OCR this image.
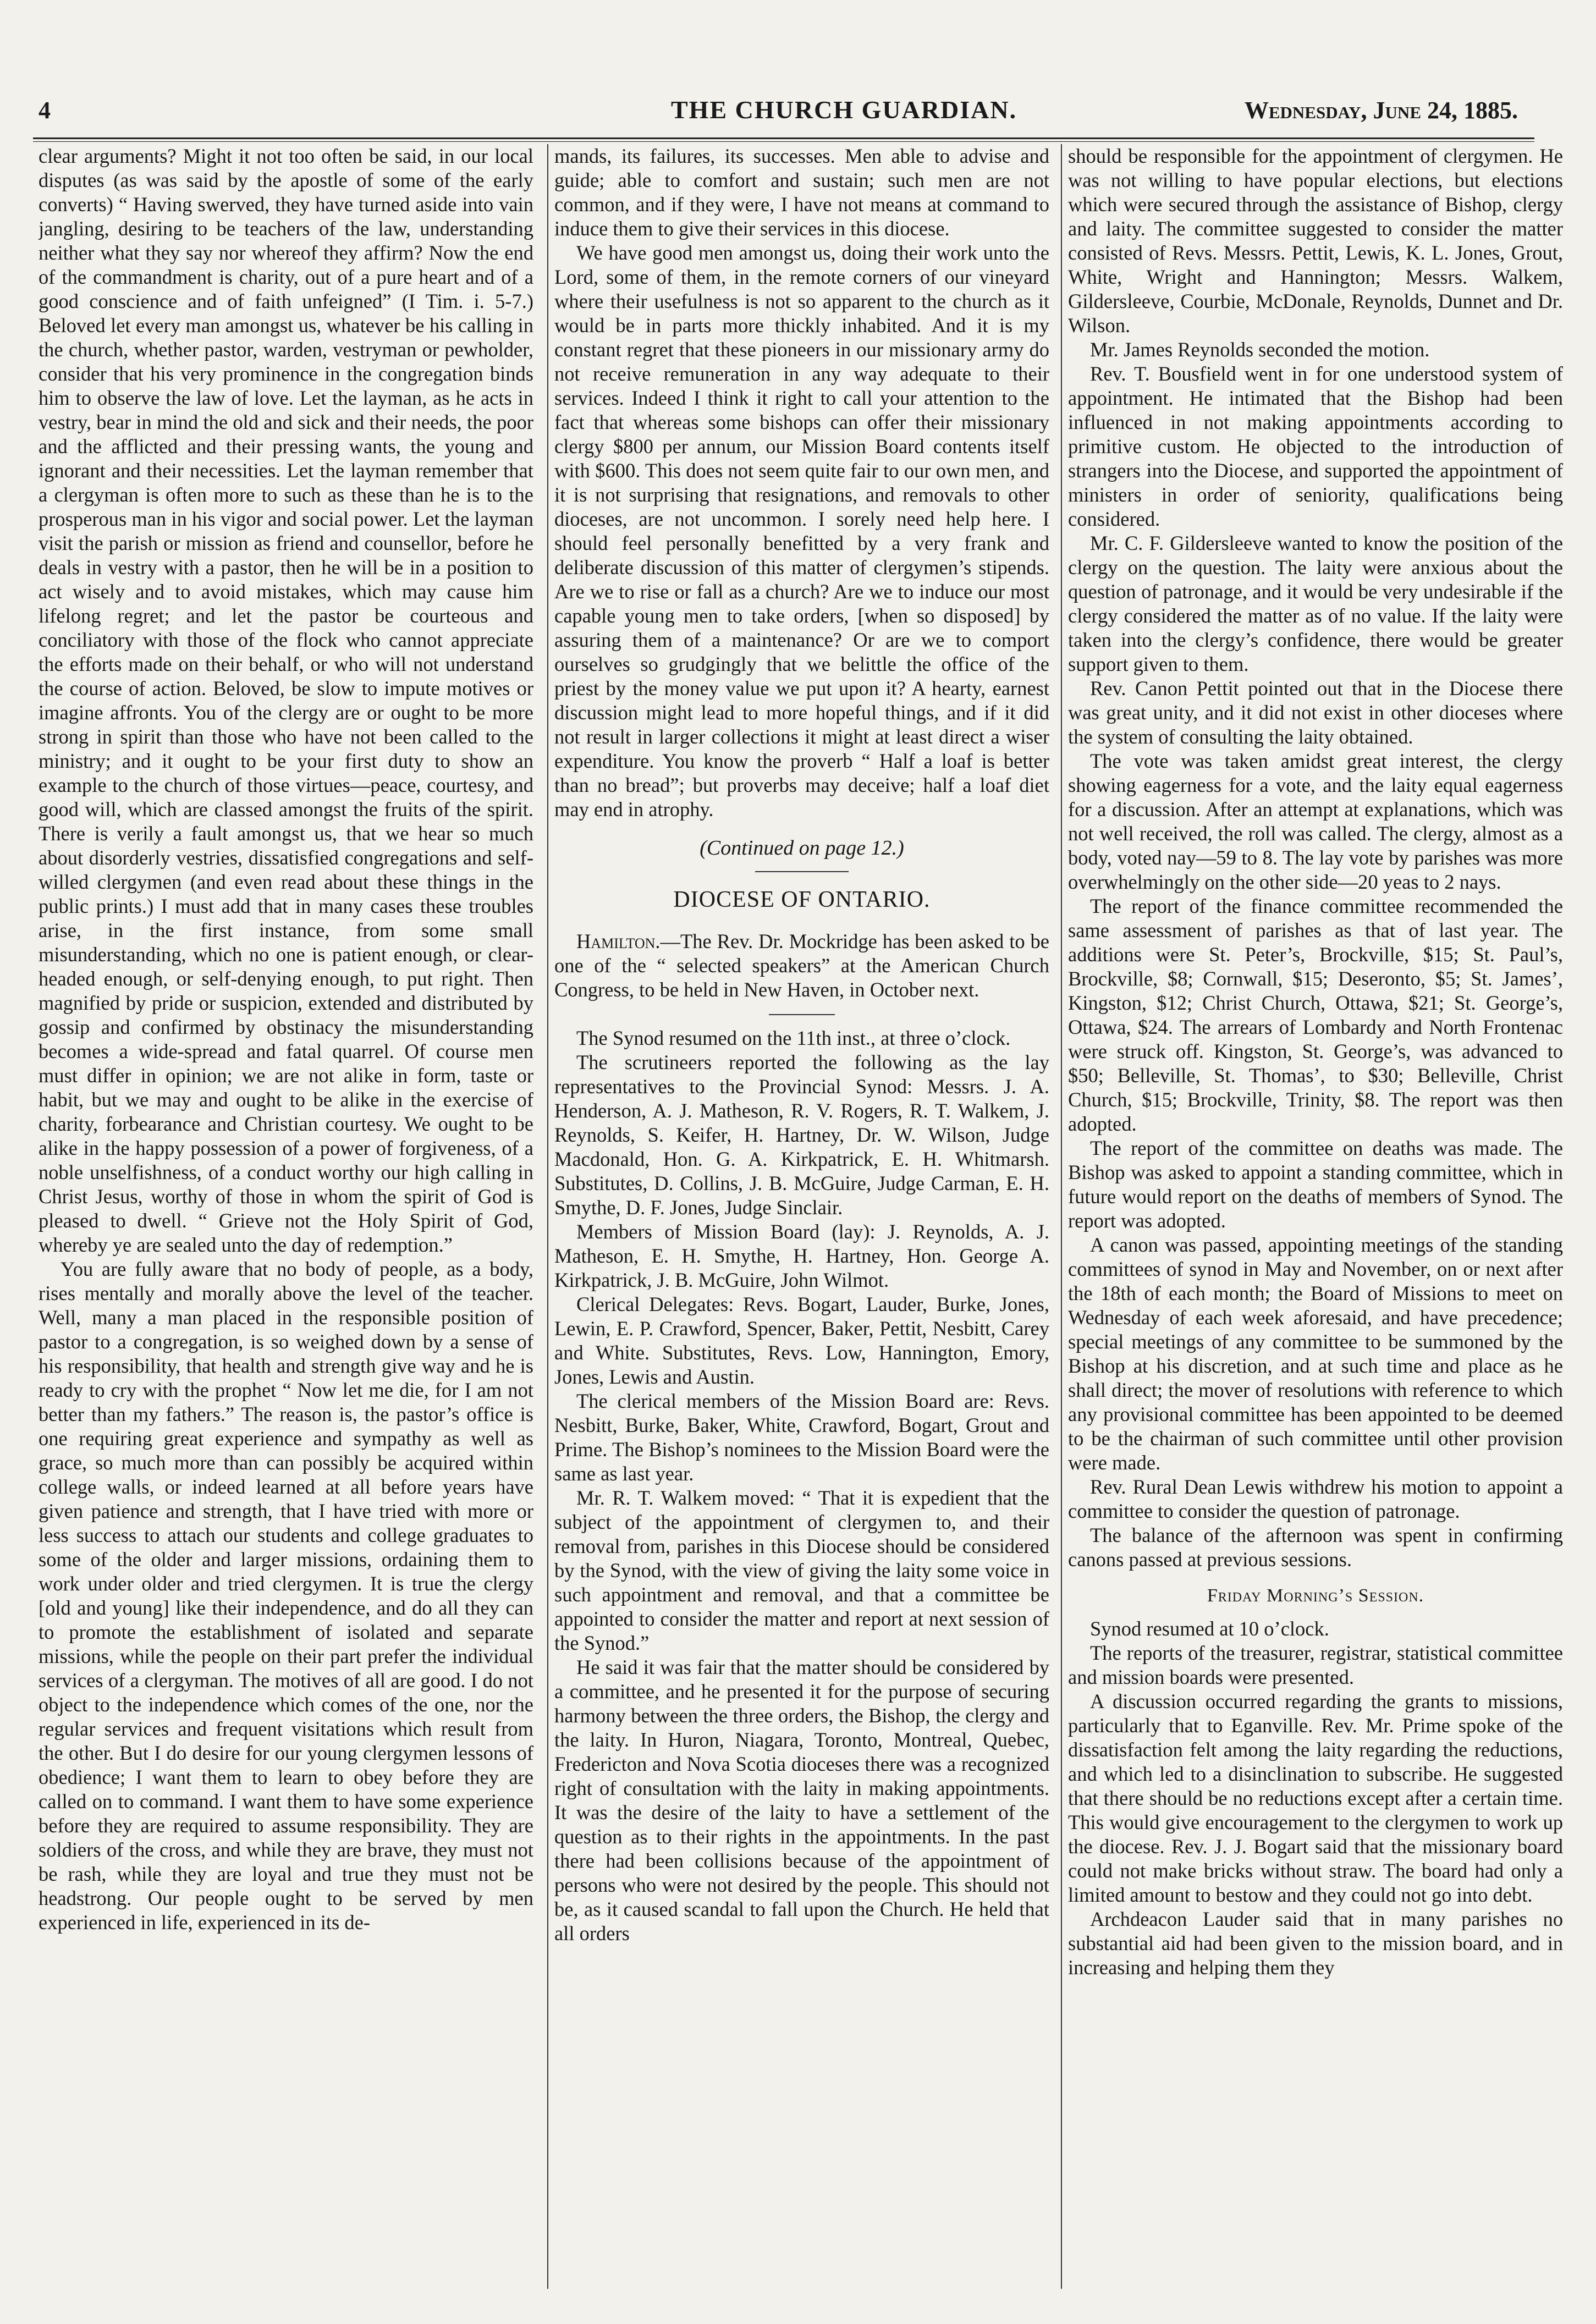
4	THE CHURCH GUARDIAN.	Wednesday, June 24, 1885.

clear arguments? Might it not too often be said, in our local disputes (as was said by the apostle of some of the early converts) “ Having swerved, they have turned aside into vain jangling, desiring to be teachers of the law, understanding neither what they say nor whereof they affirm? Now the end of the commandment is charity, out of a pure heart and of a good conscience and of faith unfeigned” (I Tim. i. 5-7.) Beloved let every man amongst us, whatever be his calling in the church, whether pastor, warden, vestryman or pewholder, consider that his very prominence in the congregation binds him to observe the law of love. Let the layman, as he acts in vestry, bear in mind the old and sick and their needs, the poor and the afflicted and their pressing wants, the young and ignorant and their necessities. Let the layman remember that a clergyman is often more to such as these than he is to the prosperous man in his vigor and social power. Let the layman visit the parish or mission as friend and counsellor, before he deals in vestry with a pastor, then he will be in a position to act wisely and to avoid mistakes, which may cause him lifelong regret; and let the pastor be courteous and conciliatory with those of the flock who cannot appreciate the efforts made on their behalf, or who will not understand the course of action. Beloved, be slow to impute motives or imagine affronts. You of the clergy are or ought to be more strong in spirit than those who have not been called to the ministry; and it ought to be your first duty to show an example to the church of those virtues—peace, courtesy, and good will, which are classed amongst the fruits of the spirit. There is verily a fault amongst us, that we hear so much about disorderly vestries, dissatisfied congregations and self-willed clergymen (and even read about these things in the public prints.) I must add that in many cases these troubles arise, in the first instance, from some small misunderstanding, which no one is patient enough, or clear-headed enough, or self-denying enough, to put right. Then magnified by pride or suspicion, extended and distributed by gossip and confirmed by obstinacy the misunderstanding becomes a wide-spread and fatal quarrel. Of course men must differ in opinion; we are not alike in form, taste or habit, but we may and ought to be alike in the exercise of charity, forbearance and Christian courtesy. We ought to be alike in the happy possession of a power of forgiveness, of a noble unselfishness, of a conduct worthy our high calling in Christ Jesus, worthy of those in whom the spirit of God is pleased to dwell. “ Grieve not the Holy Spirit of God, whereby ye are sealed unto the day of redemption.”

You are fully aware that no body of people, as a body, rises mentally and morally above the level of the teacher. Well, many a man placed in the responsible position of pastor to a congregation, is so weighed down by a sense of his responsibility, that health and strength give way and he is ready to cry with the prophet “ Now let me die, for I am not better than my fathers.” The reason is, the pastor’s office is one requiring great experience and sympathy as well as grace, so much more than can possibly be acquired within college walls, or indeed learned at all before years have given patience and strength, that I have tried with more or less success to attach our students and college graduates to some of the older and larger missions, ordaining them to work under older and tried clergymen. It is true the clergy [old and young] like their independence, and do all they can to promote the establishment of isolated and separate missions, while the people on their part prefer the individual services of a clergyman. The motives of all are good. I do not object to the independence which comes of the one, nor the regular services and frequent visitations which result from the other. But I do desire for our young clergymen lessons of obedience; I want them to learn to obey before they are called on to command. I want them to have some experience before they are required to assume responsibility. They are soldiers of the cross, and while they are brave, they must not be rash, while they are loyal and true they must not be headstrong. Our people ought to be served by men experienced in life, experienced in its de-

mands, its failures, its successes. Men able to advise and guide; able to comfort and sustain; such men are not common, and if they were, I have not means at command to induce them to give their services in this diocese.

We have good men amongst us, doing their work unto the Lord, some of them, in the remote corners of our vineyard where their usefulness is not so apparent to the church as it would be in parts more thickly inhabited. And it is my constant regret that these pioneers in our missionary army do not receive remuneration in any way adequate to their services. Indeed I think it right to call your attention to the fact that whereas some bishops can offer their missionary clergy $800 per annum, our Mission Board contents itself with $600. This does not seem quite fair to our own men, and it is not surprising that resignations, and removals to other dioceses, are not uncommon. I sorely need help here. I should feel personally benefitted by a very frank and deliberate discussion of this matter of clergymen’s stipends. Are we to rise or fall as a church? Are we to induce our most capable young men to take orders, [when so disposed] by assuring them of a maintenance? Or are we to comport ourselves so grudgingly that we belittle the office of the priest by the money value we put upon it? A hearty, earnest discussion might lead to more hopeful things, and if it did not result in larger collections it might at least direct a wiser expenditure. You know the proverb “ Half a loaf is better than no bread”; but proverbs may deceive; half a loaf diet may end in atrophy.

(Continued on page 12.)
DIOCESE OF ONTARIO.

Hamilton.—The Rev. Dr. Mockridge has been asked to be one of the “ selected speakers” at the American Church Congress, to be held in New Haven, in October next.

The Synod resumed on the 11th inst., at three o’clock.

The scrutineers reported the following as the lay representatives to the Provincial Synod: Messrs. J. A. Henderson, A. J. Matheson, R. V. Rogers, R. T. Walkem, J. Reynolds, S. Keifer, H. Hartney, Dr. W. Wilson, Judge Macdonald, Hon. G. A. Kirkpatrick, E. H. Whitmarsh. Substitutes, D. Collins, J. B. McGuire, Judge Carman, E. H. Smythe, D. F. Jones, Judge Sinclair.

Members of Mission Board (lay): J. Reynolds, A. J. Matheson, E. H. Smythe, H. Hartney, Hon. George A. Kirkpatrick, J. B. McGuire, John Wilmot.

Clerical Delegates: Revs. Bogart, Lauder, Burke, Jones, Lewin, E. P. Crawford, Spencer, Baker, Pettit, Nesbitt, Carey and White. Substitutes, Revs. Low, Hannington, Emory, Jones, Lewis and Austin.

The clerical members of the Mission Board are: Revs. Nesbitt, Burke, Baker, White, Crawford, Bogart, Grout and Prime. The Bishop’s nominees to the Mission Board were the same as last year.

Mr. R. T. Walkem moved: “ That it is expedient that the subject of the appointment of clergymen to, and their removal from, parishes in this Diocese should be considered by the Synod, with the view of giving the laity some voice in such appointment and removal, and that a committee be appointed to consider the matter and report at next session of the Synod.”

He said it was fair that the matter should be considered by a committee, and he presented it for the purpose of securing harmony between the three orders, the Bishop, the clergy and the laity. In Huron, Niagara, Toronto, Montreal, Quebec, Fredericton and Nova Scotia dioceses there was a recognized right of consultation with the laity in making appointments. It was the desire of the laity to have a settlement of the question as to their rights in the appointments. In the past there had been collisions because of the appointment of persons who were not desired by the people. This should not be, as it caused scandal to fall upon the Church. He held that all orders

should be responsible for the appointment of clergymen. He was not willing to have popular elections, but elections which were secured through the assistance of Bishop, clergy and laity. The committee suggested to consider the matter consisted of Revs. Messrs. Pettit, Lewis, K. L. Jones, Grout, White, Wright and Hannington; Messrs. Walkem, Gildersleeve, Courbie, McDonale, Reynolds, Dunnet and Dr. Wilson.

Mr. James Reynolds seconded the motion.

Rev. T. Bousfield went in for one understood system of appointment. He intimated that the Bishop had been influenced in not making appointments according to primitive custom. He objected to the introduction of strangers into the Diocese, and supported the appointment of ministers in order of seniority, qualifications being considered.

Mr. C. F. Gildersleeve wanted to know the position of the clergy on the question. The laity were anxious about the question of patronage, and it would be very undesirable if the clergy considered the matter as of no value. If the laity were taken into the clergy’s confidence, there would be greater support given to them.

Rev. Canon Pettit pointed out that in the Diocese there was great unity, and it did not exist in other dioceses where the system of consulting the laity obtained.

The vote was taken amidst great interest, the clergy showing eagerness for a vote, and the laity equal eagerness for a discussion. After an attempt at explanations, which was not well received, the roll was called. The clergy, almost as a body, voted nay—59 to 8. The lay vote by parishes was more overwhelmingly on the other side—20 yeas to 2 nays.

The report of the finance committee recommended the same assessment of parishes as that of last year. The additions were St. Peter’s, Brockville, $15; St. Paul’s, Brockville, $8; Cornwall, $15; Deseronto, $5; St. James’, Kingston, $12; Christ Church, Ottawa, $21; St. George’s, Ottawa, $24. The arrears of Lombardy and North Frontenac were struck off. Kingston, St. George’s, was advanced to $50; Belleville, St. Thomas’, to $30; Belleville, Christ Church, $15; Brockville, Trinity, $8. The report was then adopted.

The report of the committee on deaths was made. The Bishop was asked to appoint a standing committee, which in future would report on the deaths of members of Synod. The report was adopted.

A canon was passed, appointing meetings of the standing committees of synod in May and November, on or next after the 18th of each month; the Board of Missions to meet on Wednesday of each week aforesaid, and have precedence; special meetings of any committee to be summoned by the Bishop at his discretion, and at such time and place as he shall direct; the mover of resolutions with reference to which any provisional committee has been appointed to be deemed to be the chairman of such committee until other provision were made.

Rev. Rural Dean Lewis withdrew his motion to appoint a committee to consider the question of patronage.

The balance of the afternoon was spent in confirming canons passed at previous sessions.

Friday Morning’s Session.

Synod resumed at 10 o’clock.

The reports of the treasurer, registrar, statistical committee and mission boards were presented.

A discussion occurred regarding the grants to missions, particularly that to Eganville. Rev. Mr. Prime spoke of the dissatisfaction felt among the laity regarding the reductions, and which led to a disinclination to subscribe. He suggested that there should be no reductions except after a certain time. This would give encouragement to the clergymen to work up the diocese. Rev. J. J. Bogart said that the missionary board could not make bricks without straw. The board had only a limited amount to bestow and they could not go into debt.

Archdeacon Lauder said that in many parishes no substantial aid had been given to the mission board, and in increasing and helping them they
